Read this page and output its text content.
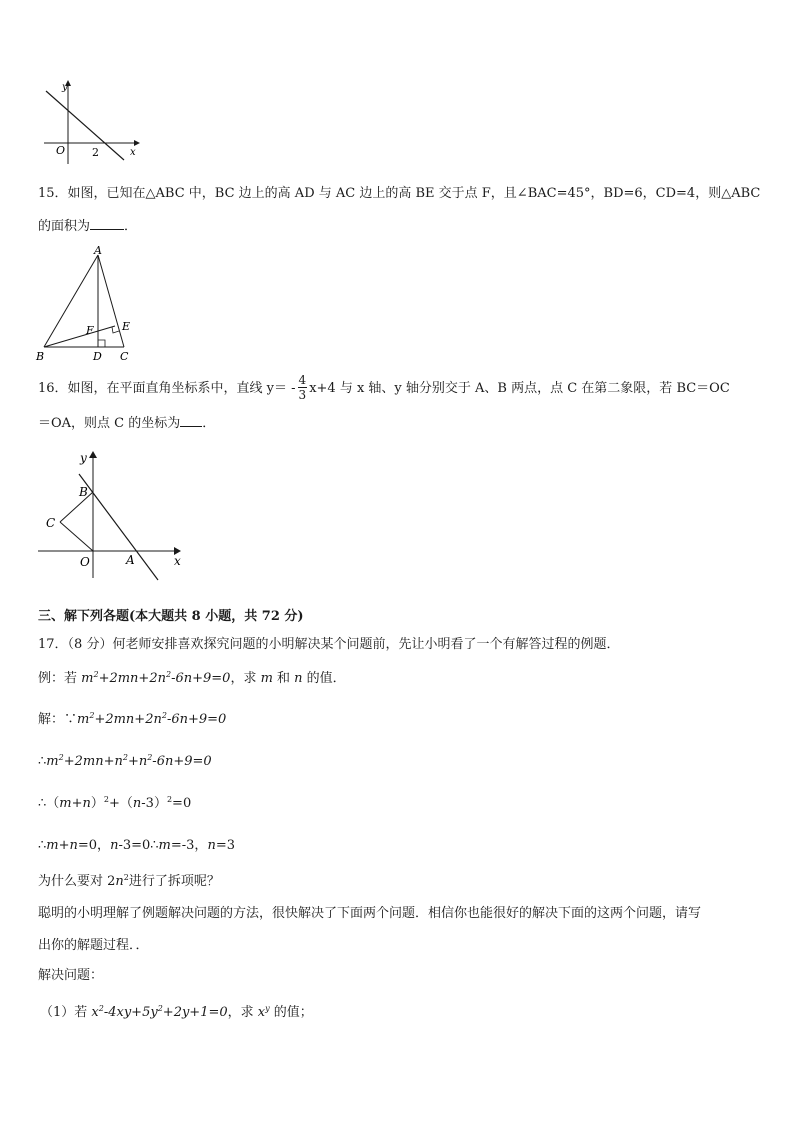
y
x
O 2
15．如图，已知在△ABC 中，BC 边上的高 AD 与 AC 边上的高 BE 交于点 F，且∠BAC=45°，BD=6，CD=4，则△ABC
的面积为	．
A
B	C
D
E
F
16．如图，在平面直角坐标系中，直线 $y= - \frac{4}{3} x+4$ 与 x 轴、y 轴分别交于 A、B 两点，点 C 在第二象限，若 BC＝OC
＝OA，则点 C 的坐标为 ．
y
x
B
C
O	A
三、解下列各题(本大题共 8 小题，共 72 分)
17．（8 分）何老师安排喜欢探究问题的小明解决某个问题前，先让小明看了一个有解答过程的例题．
例：若 $m^2+2mn+2n^2-6n+9=0$，求 m 和 n 的值．
解：$\because m^2+2mn+2n^2-6n+9=0$
$\therefore m^2+2mn+n^2+n^2-6n+9=0$
$\therefore(m+n)^2+(n-3)^2=0$
∴m+n=0，n-3=0∴m=-3，n=3
为什么要对 $2n^2$进行了拆项呢？
聪明的小明理解了例题解决问题的方法，很快解决了下面两个问题．相信你也能很好的解决下面的这两个问题，请写
出你的解题过程．．
解决问题：
（1）若 $x^2-4xy+5y^2+2y+1=0$，求 $x^y$ 的值；
